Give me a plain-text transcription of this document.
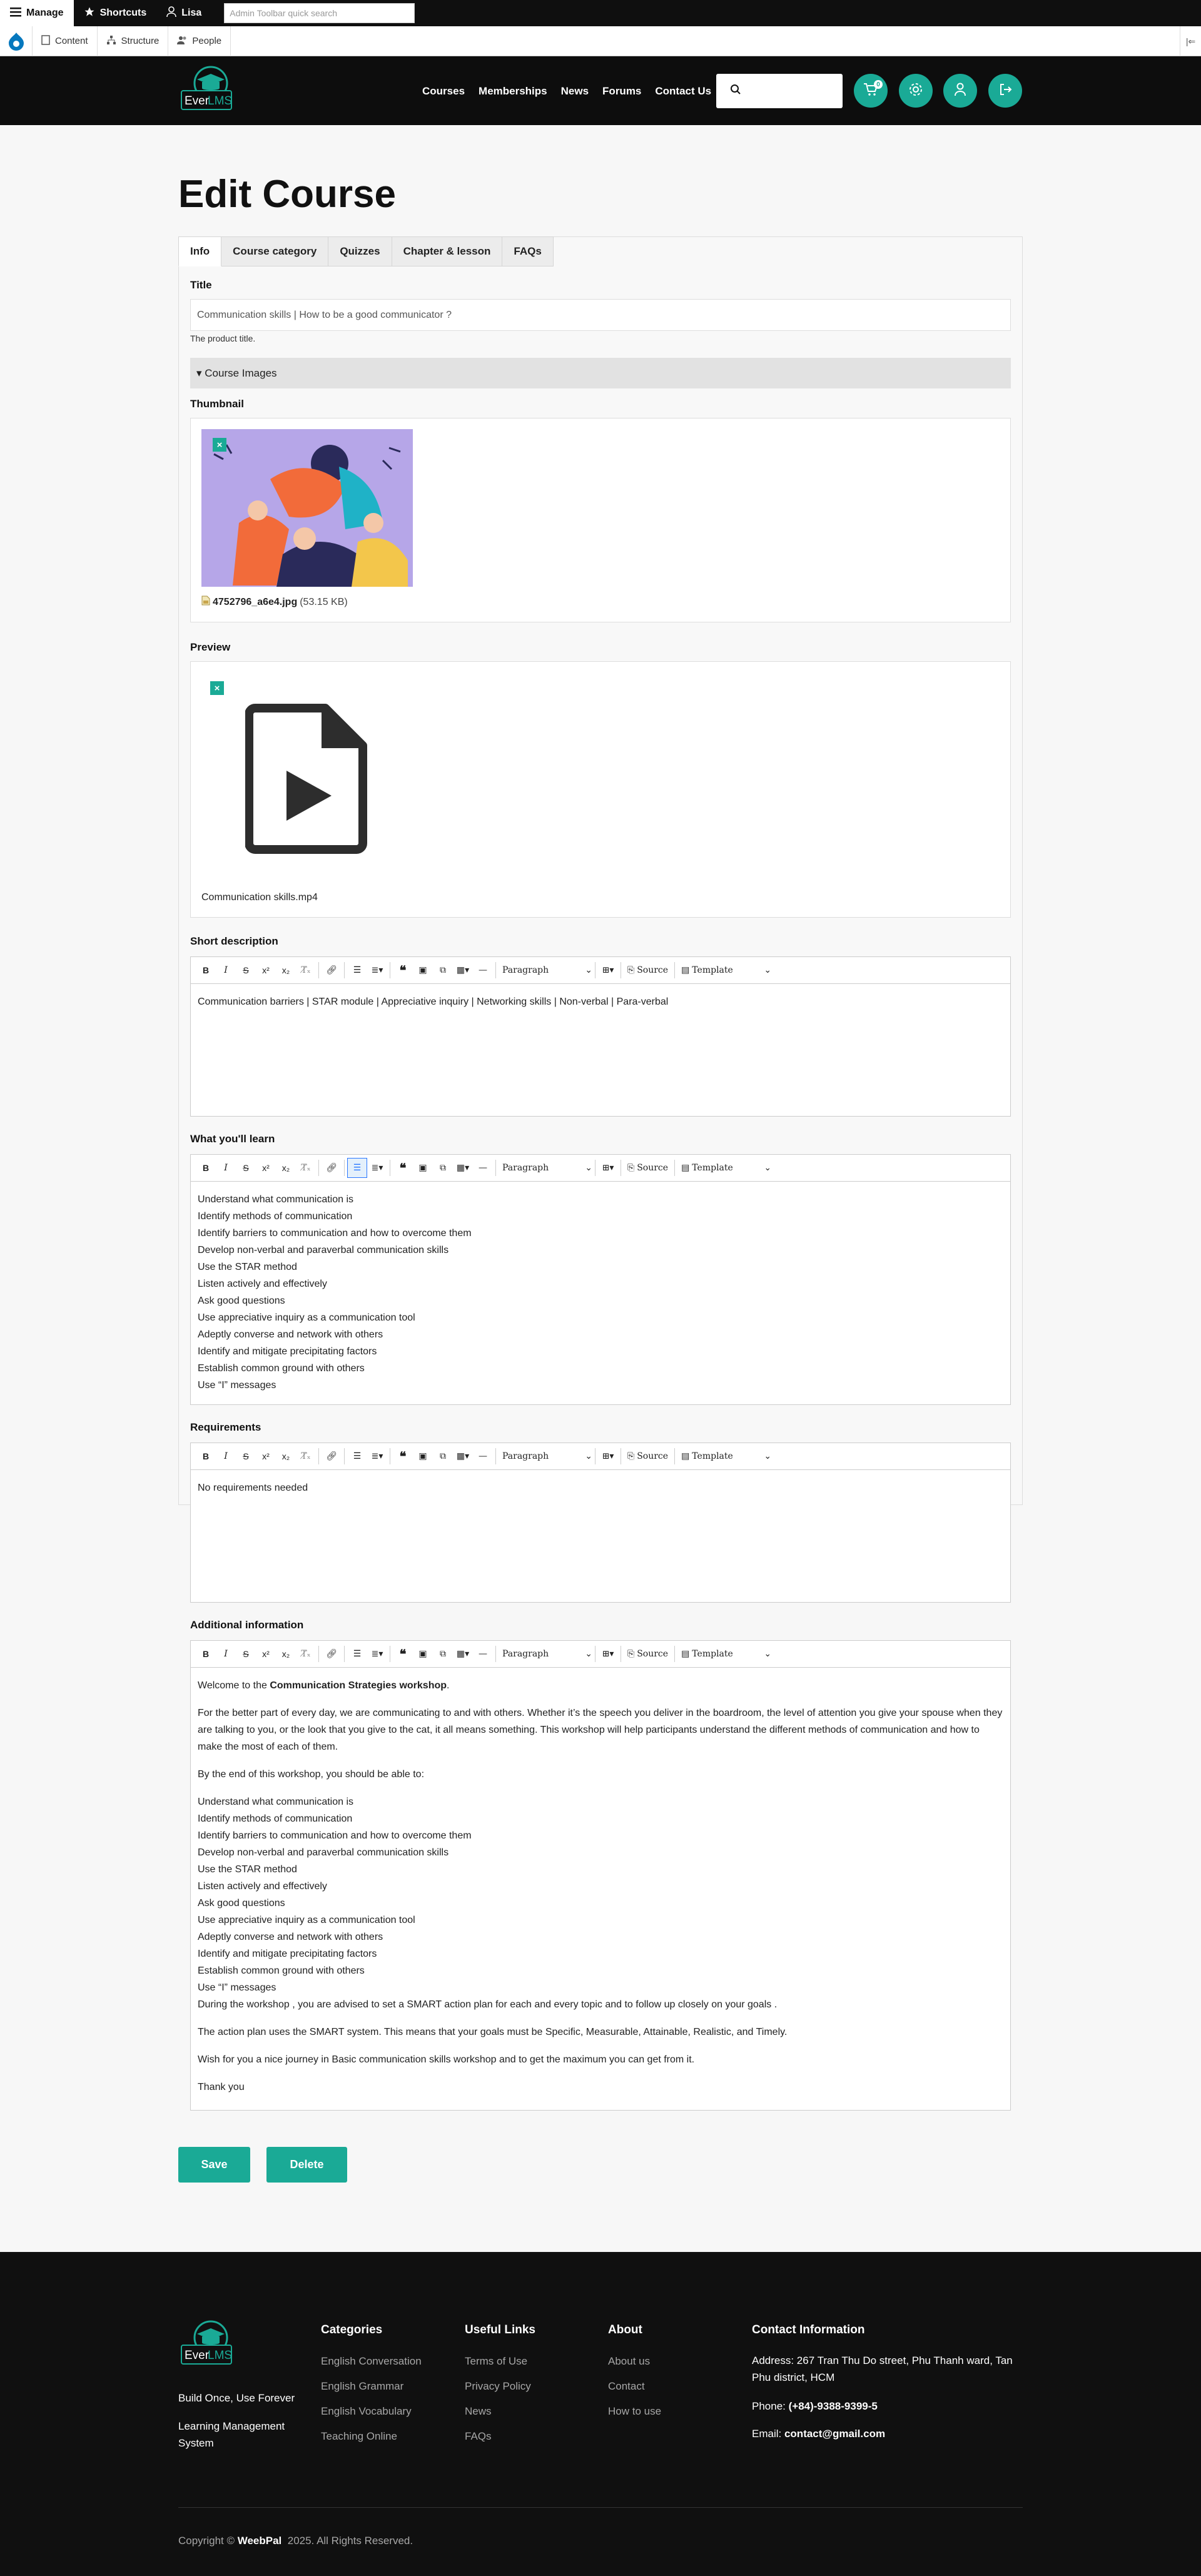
Manage	Shortcuts	Lisa	Admin Toolbar quick search
Content	Structure	People	|⇐
Ever
LMS
Courses Memberships News Forums Contact Us
0
Edit Course
Info	Course category	Quizzes	Chapter & lesson	FAQs
Title
Communication skills | How to be a good communicator ?
The product title.
▾ Course Images
Thumbnail
×
4752796_a6e4.jpg (53.15 KB)
Preview
×
Communication skills.mp4
Short description
B	I	S	x²	x₂	T̸ₓ	🔗︎	☰	≣▾	❝	▣	⧉	▦▾	—	Paragraph	⌄	⊞▾	⎘ Source ▤ Template	⌄
Communication barriers | STAR module | Appreciative inquiry | Networking skills | Non-verbal | Para-verbal
What you'll learn
B	I	S	x²	x₂	T̸ₓ	🔗︎	☰	≣▾	❝	▣	⧉	▦▾	—	Paragraph	⌄	⊞▾	⎘ Source ▤ Template	⌄
Understand what communication is
Identify methods of communication
Identify barriers to communication and how to overcome them
Develop non-verbal and paraverbal communication skills
Use the STAR method
Listen actively and effectively
Ask good questions
Use appreciative inquiry as a communication tool
Adeptly converse and network with others
Identify and mitigate precipitating factors
Establish common ground with others
Use “I” messages
Requirements
B	I	S	x²	x₂	T̸ₓ	🔗︎	☰	≣▾	❝	▣	⧉	▦▾	—	Paragraph	⌄	⊞▾	⎘ Source ▤ Template	⌄
No requirements needed
Additional information
B	I	S	x²	x₂	T̸ₓ	🔗︎	☰	≣▾	❝	▣	⧉	▦▾	—	Paragraph	⌄	⊞▾	⎘ Source ▤ Template	⌄

Welcome to the Communication Strategies workshop.

For the better part of every day, we are communicating to and with others. Whether it’s the speech you deliver in the boardroom, the level of attention you give your spouse when they are talking to you, or the look that you give to the cat, it all means something. This workshop will help participants understand the different methods of communication and how to make the most of each of them.

By the end of this workshop, you should be able to:

Understand what communication is
Identify methods of communication
Identify barriers to communication and how to overcome them
Develop non-verbal and paraverbal communication skills
Use the STAR method
Listen actively and effectively
Ask good questions
Use appreciative inquiry as a communication tool
Adeptly converse and network with others
Identify and mitigate precipitating factors
Establish common ground with others
Use “I” messages
During the workshop , you are advised to set a SMART action plan for each and every topic and to follow up closely on your goals .

The action plan uses the SMART system. This means that your goals must be Specific, Measurable, Attainable, Realistic, and Timely.

Wish for you a nice journey in Basic communication skills workshop and to get the maximum you can get from it.

Thank you

Save	Delete
Ever
LMS
Build Once, Use Forever
Learning Management System
Categories
English Conversation
English Grammar
English Vocabulary
Teaching Online
Useful Links
Terms of Use
Privacy Policy
News
FAQs
About
About us
Contact
How to use
Contact Information
Address: 267 Tran Thu Do street, Phu Thanh ward, Tan Phu district, HCM
Phone: (+84)-9388-9399-5
Email: contact@gmail.com
Copyright © WeebPal  2025. All Rights Reserved.
